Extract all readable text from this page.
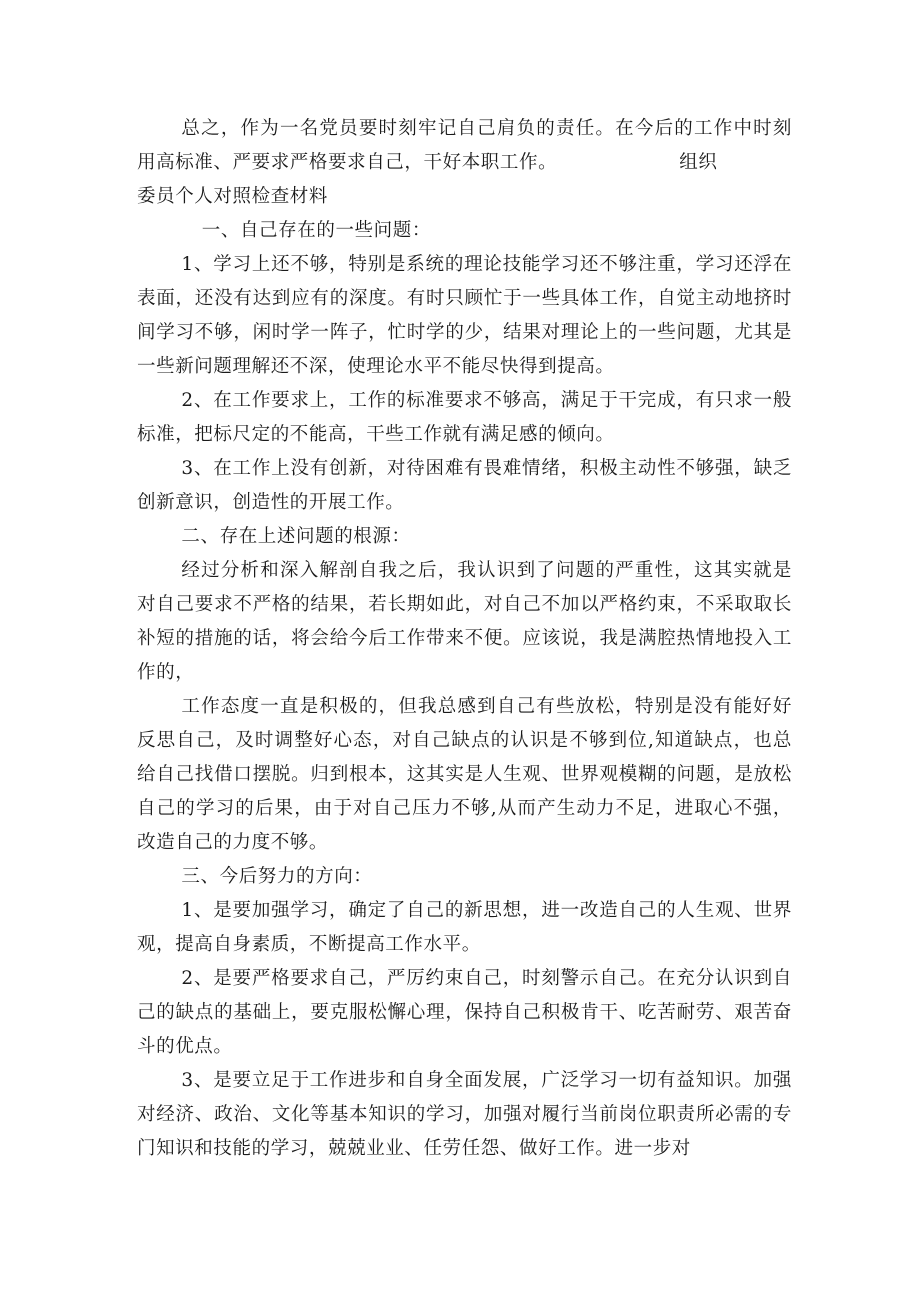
总之，作为一名党员要时刻牢记自己肩负的责任。在今后的工作中时刻用高标准、严要求严格要求自己，干好本职工作。	组织

委员个人对照检查材料

一、自己存在的一些问题：

1、学习上还不够，特别是系统的理论技能学习还不够注重，学习还浮在表面，还没有达到应有的深度。有时只顾忙于一些具体工作，自觉主动地挤时间学习不够，闲时学一阵子，忙时学的少，结果对理论上的一些问题，尤其是一些新问题理解还不深，使理论水平不能尽快得到提高。

2、在工作要求上，工作的标准要求不够高，满足于干完成，有只求一般标准，把标尺定的不能高，干些工作就有满足感的倾向。

3、在工作上没有创新，对待困难有畏难情绪，积极主动性不够强，缺乏创新意识，创造性的开展工作。

二、存在上述问题的根源：

经过分析和深入解剖自我之后，我认识到了问题的严重性，这其实就是对自己要求不严格的结果，若长期如此，对自己不加以严格约束，不采取取长补短的措施的话，将会给今后工作带来不便。应该说，我是满腔热情地投入工作的，

工作态度一直是积极的，但我总感到自己有些放松，特别是没有能好好反思自己，及时调整好心态，对自己缺点的认识是不够到位,知道缺点，也总给自己找借口摆脱。归到根本，这其实是人生观、世界观模糊的问题，是放松自己的学习的后果，由于对自己压力不够,从而产生动力不足，进取心不强，改造自己的力度不够。

三、今后努力的方向：

1、是要加强学习，确定了自己的新思想，进一改造自己的人生观、世界观，提高自身素质，不断提高工作水平。

2、是要严格要求自己，严厉约束自己，时刻警示自己。在充分认识到自己的缺点的基础上，要克服松懈心理，保持自己积极肯干、吃苦耐劳、艰苦奋斗的优点。

3、是要立足于工作进步和自身全面发展，广泛学习一切有益知识。加强对经济、政治、文化等基本知识的学习，加强对履行当前岗位职责所必需的专门知识和技能的学习，兢兢业业、任劳任怨、做好工作。进一步对
